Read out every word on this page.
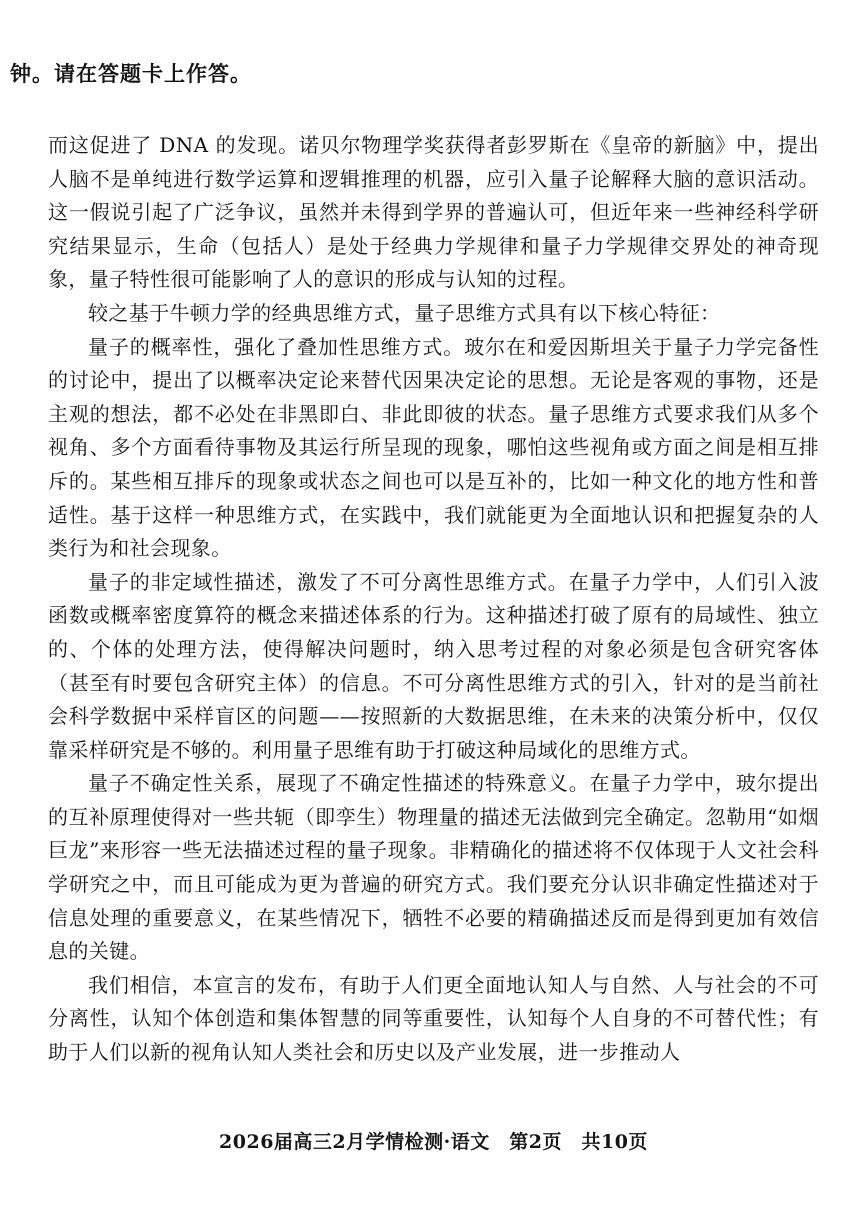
钟。请在答题卡上作答。

而这促进了 DNA 的发现。诺贝尔物理学奖获得者彭罗斯在《皇帝的新脑》中，提出人脑不是单纯进行数学运算和逻辑推理的机器，应引入量子论解释大脑的意识活动。这一假说引起了广泛争议，虽然并未得到学界的普遍认可，但近年来一些神经科学研究结果显示，生命（包括人）是处于经典力学规律和量子力学规律交界处的神奇现象，量子特性很可能影响了人的意识的形成与认知的过程。

较之基于牛顿力学的经典思维方式，量子思维方式具有以下核心特征：

量子的概率性，强化了叠加性思维方式。玻尔在和爱因斯坦关于量子力学完备性的讨论中，提出了以概率决定论来替代因果决定论的思想。无论是客观的事物，还是主观的想法，都不必处在非黑即白、非此即彼的状态。量子思维方式要求我们从多个视角、多个方面看待事物及其运行所呈现的现象，哪怕这些视角或方面之间是相互排斥的。某些相互排斥的现象或状态之间也可以是互补的，比如一种文化的地方性和普适性。基于这样一种思维方式，在实践中，我们就能更为全面地认识和把握复杂的人类行为和社会现象。

量子的非定域性描述，激发了不可分离性思维方式。在量子力学中，人们引入波函数或概率密度算符的概念来描述体系的行为。这种描述打破了原有的局域性、独立的、个体的处理方法，使得解决问题时，纳入思考过程的对象必须是包含研究客体（甚至有时要包含研究主体）的信息。不可分离性思维方式的引入，针对的是当前社会科学数据中采样盲区的问题——按照新的大数据思维，在未来的决策分析中，仅仅靠采样研究是不够的。利用量子思维有助于打破这种局域化的思维方式。

量子不确定性关系，展现了不确定性描述的特殊意义。在量子力学中，玻尔提出的互补原理使得对一些共轭（即孪生）物理量的描述无法做到完全确定。忽勒用“如烟巨龙”来形容一些无法描述过程的量子现象。非精确化的描述将不仅体现于人文社会科学研究之中，而且可能成为更为普遍的研究方式。我们要充分认识非确定性描述对于信息处理的重要意义，在某些情况下，牺牲不必要的精确描述反而是得到更加有效信息的关键。

我们相信，本宣言的发布，有助于人们更全面地认知人与自然、人与社会的不可分离性，认知个体创造和集体智慧的同等重要性，认知每个人自身的不可替代性；有助于人们以新的视角认知人类社会和历史以及产业发展，进一步推动人

2026届高三2月学情检测·语文　第2页　共10页
